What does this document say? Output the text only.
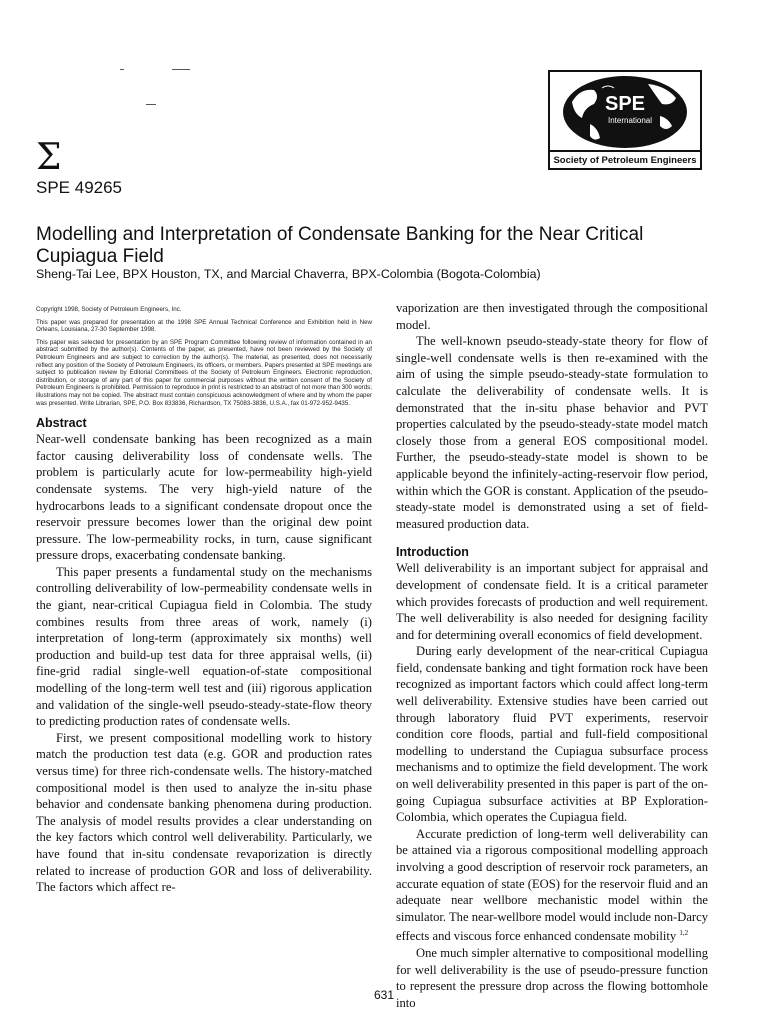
SPE
International
Society of Petroleum Engineers
Σ
SPE 49265
Modelling and Interpretation of Condensate Banking for the Near Critical Cupiagua Field
Sheng-Tai Lee, BPX Houston, TX, and Marcial Chaverra, BPX-Colombia (Bogota-Colombia)

Copyright 1998, Society of Petroleum Engineers, Inc.

This paper was prepared for presentation at the 1998 SPE Annual Technical Conference and Exhibition held in New Orleans, Louisiana, 27-30 September 1998.

This paper was selected for presentation by an SPE Program Committee following review of information contained in an abstract submitted by the author(s). Contents of the paper, as presented, have not been reviewed by the Society of Petroleum Engineers and are subject to correction by the author(s). The material, as presented, does not necessarily reflect any position of the Society of Petroleum Engineers, its officers, or members. Papers presented at SPE meetings are subject to publication review by Editorial Committees of the Society of Petroleum Engineers. Electronic reproduction, distribution, or storage of any part of this paper for commercial purposes without the written consent of the Society of Petroleum Engineers is prohibited. Permission to reproduce in print is restricted to an abstract of not more than 300 words; illustrations may not be copied. The abstract must contain conspicuous acknowledgment of where and by whom the paper was presented. Write Librarian, SPE, P.O. Box 833836, Richardson, TX 75083-3836, U.S.A., fax 01-972-952-9435.

Abstract

Near-well condensate banking has been recognized as a main factor causing deliverability loss of condensate wells. The problem is particularly acute for low-permeability high-yield condensate systems. The very high-yield nature of the hydrocarbons leads to a significant condensate dropout once the reservoir pressure becomes lower than the original dew point pressure. The low-permeability rocks, in turn, cause significant pressure drops, exacerbating condensate banking.

This paper presents a fundamental study on the mechanisms controlling deliverability of low-permeability condensate wells in the giant, near-critical Cupiagua field in Colombia. The study combines results from three areas of work, namely (i) interpretation of long-term (approximately six months) well production and build-up test data for three appraisal wells, (ii) fine-grid radial single-well equation-of-state compositional modelling of the long-term well test and (iii) rigorous application and validation of the single-well pseudo-steady-state-flow theory to predicting production rates of condensate wells.

First, we present compositional modelling work to history match the production test data (e.g. GOR and production rates versus time) for three rich-condensate wells. The history-matched compositional model is then used to analyze the in-situ phase behavior and condensate banking phenomena during production. The analysis of model results provides a clear understanding on the key factors which control well deliverability. Particularly, we have found that in-situ condensate revaporization is directly related to increase of production GOR and loss of deliverability. The factors which affect re-

vaporization are then investigated through the compositional model.

The well-known pseudo-steady-state theory for flow of single-well condensate wells is then re-examined with the aim of using the simple pseudo-steady-state formulation to calculate the deliverability of condensate wells. It is demonstrated that the in-situ phase behavior and PVT properties calculated by the pseudo-steady-state model match closely those from a general EOS compositional model. Further, the pseudo-steady-state model is shown to be applicable beyond the infinitely-acting-reservoir flow period, within which the GOR is constant. Application of the pseudo-steady-state model is demonstrated using a set of field-measured production data.

Introduction

Well deliverability is an important subject for appraisal and development of condensate field. It is a critical parameter which provides forecasts of production and well requirement. The well deliverability is also needed for designing facility and for determining overall economics of field development.

During early development of the near-critical Cupiagua field, condensate banking and tight formation rock have been recognized as important factors which could affect long-term well deliverability. Extensive studies have been carried out through laboratory fluid PVT experiments, reservoir condition core floods, partial and full-field compositional modelling to understand the Cupiagua subsurface process mechanisms and to optimize the field development. The work on well deliverability presented in this paper is part of the on-going Cupiagua subsurface activities at BP Exploration-Colombia, which operates the Cupiagua field.

Accurate prediction of long-term well deliverability can be attained via a rigorous compositional modelling approach involving a good description of reservoir rock parameters, an accurate equation of state (EOS) for the reservoir fluid and an adequate near wellbore mechanistic model within the simulator. The near-wellbore model would include non-Darcy effects and viscous force enhanced condensate mobility $^{1,2}$

One much simpler alternative to compositional modelling for well deliverability is the use of pseudo-pressure function to represent the pressure drop across the flowing bottomhole into

631
